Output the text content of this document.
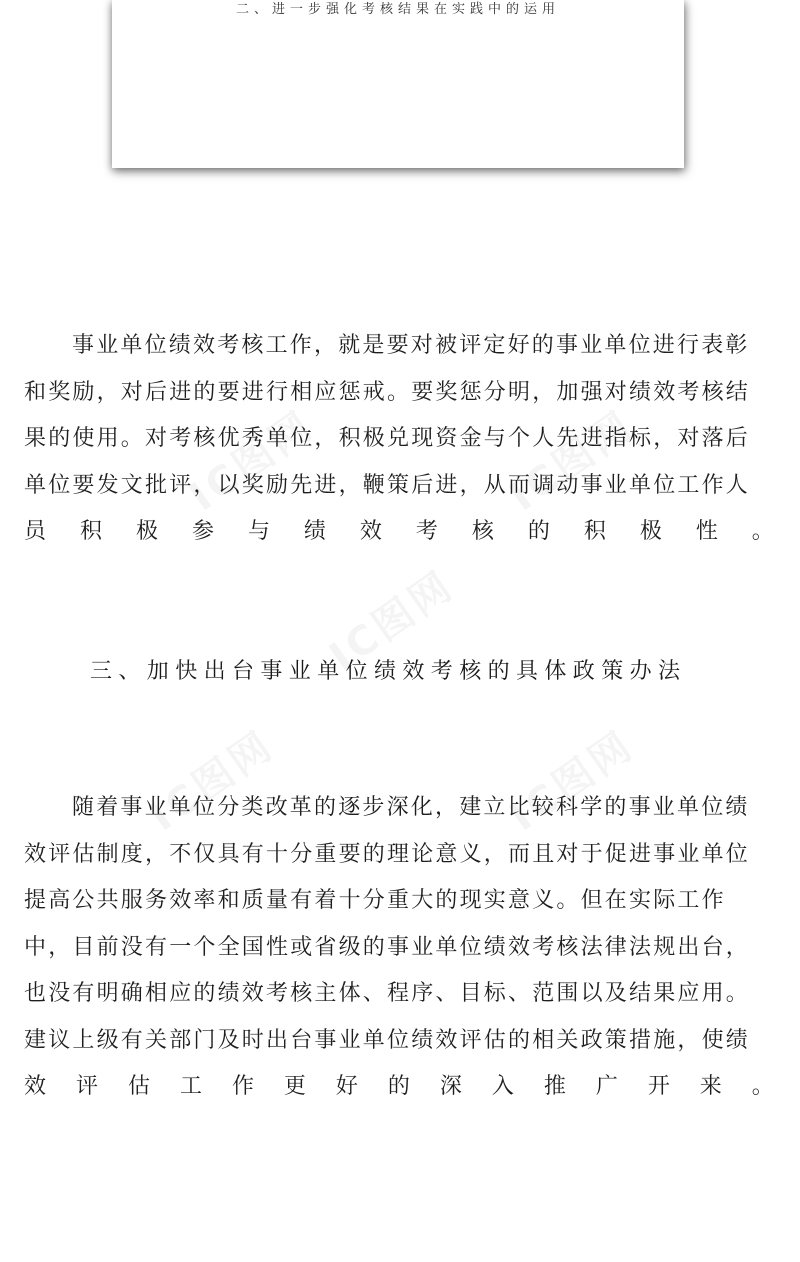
二、进一步强化考核结果在实践中的运用
事业单位绩效考核工作，就是要对被评定好的事业单位进行表彰
和奖励，对后进的要进行相应惩戒。要奖惩分明，加强对绩效考核结
果的使用。对考核优秀单位，积极兑现资金与个人先进指标，对落后
单位要发文批评，以奖励先进，鞭策后进，从而调动事业单位工作人
员 积 极 参 与 绩 效 考 核 的 积 极 性 。
三、加快出台事业单位绩效考核的具体政策办法
随着事业单位分类改革的逐步深化，建立比较科学的事业单位绩
效评估制度，不仅具有十分重要的理论意义，而且对于促进事业单位
提高公共服务效率和质量有着十分重大的现实意义。但在实际工作
中，目前没有一个全国性或省级的事业单位绩效考核法律法规出台，
也没有明确相应的绩效考核主体、程序、目标、范围以及结果应用。
建议上级有关部门及时出台事业单位绩效评估的相关政策措施，使绩
效 评 估 工 作 更 好 的 深 入 推 广 开 来 。
